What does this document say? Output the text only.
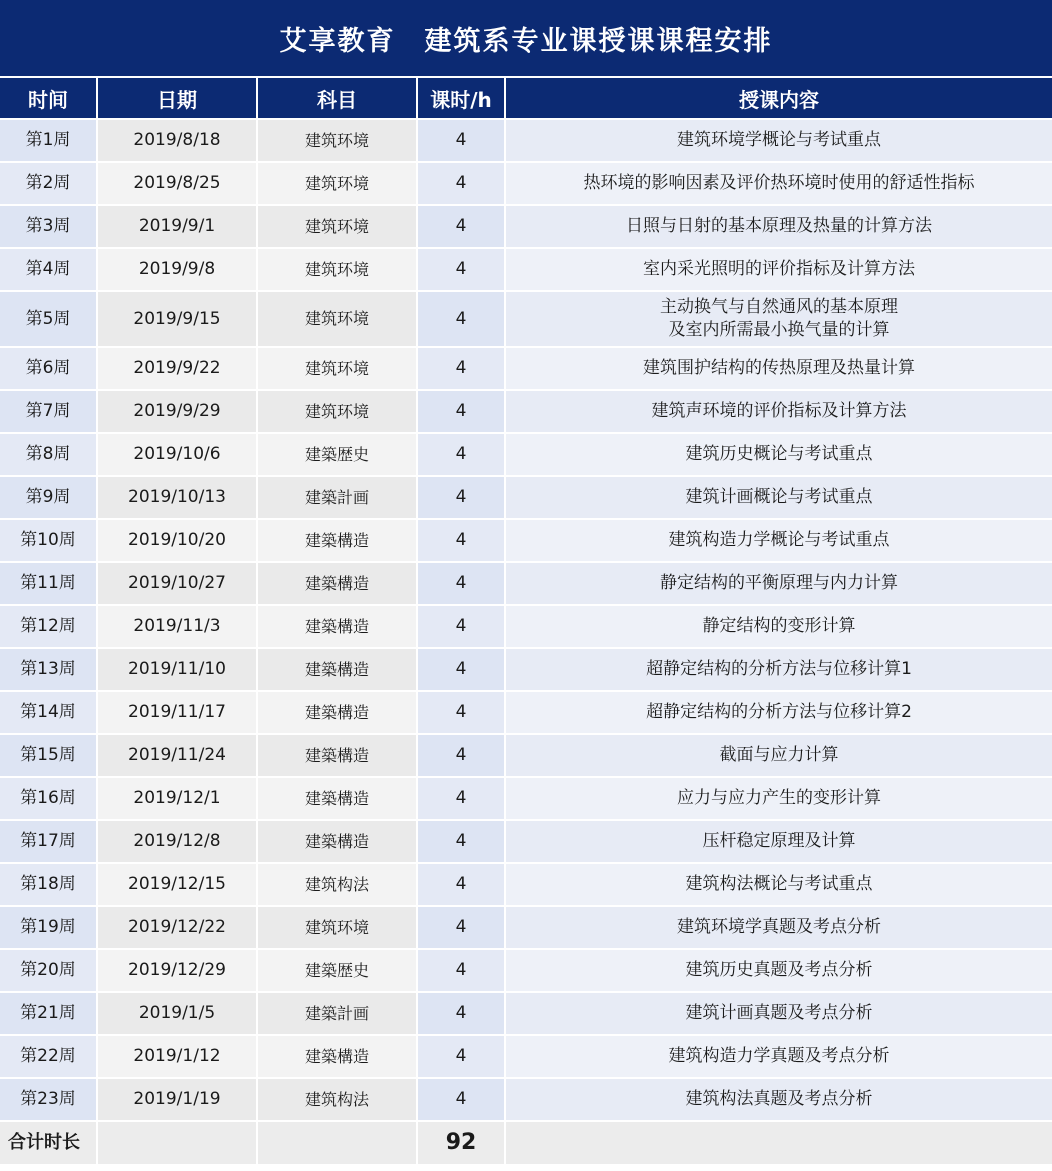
艾享教育　建筑系专业课授课课程安排
时间	日期	科目	课时/h	授课内容
第1周	2019/8/18	建筑环境	4	建筑环境学概论与考试重点
第2周	2019/8/25	建筑环境	4	热环境的影响因素及评价热环境时使用的舒适性指标
第3周	2019/9/1	建筑环境	4	日照与日射的基本原理及热量的计算方法
第4周	2019/9/8	建筑环境	4	室内采光照明的评价指标及计算方法
第5周	2019/9/15	建筑环境	4	主动换气与自然通风的基本原理
及室内所需最小换气量的计算
第6周	2019/9/22	建筑环境	4	建筑围护结构的传热原理及热量计算
第7周	2019/9/29	建筑环境	4	建筑声环境的评价指标及计算方法
第8周	2019/10/6	建築歴史	4	建筑历史概论与考试重点
第9周	2019/10/13	建築計画	4	建筑计画概论与考试重点
第10周	2019/10/20	建築構造	4	建筑构造力学概论与考试重点
第11周	2019/10/27	建築構造	4	静定结构的平衡原理与内力计算
第12周	2019/11/3	建築構造	4	静定结构的变形计算
第13周	2019/11/10	建築構造	4	超静定结构的分析方法与位移计算1
第14周	2019/11/17	建築構造	4	超静定结构的分析方法与位移计算2
第15周	2019/11/24	建築構造	4	截面与应力计算
第16周	2019/12/1	建築構造	4	应力与应力产生的变形计算
第17周	2019/12/8	建築構造	4	压杆稳定原理及计算
第18周	2019/12/15	建筑构法	4	建筑构法概论与考试重点
第19周	2019/12/22	建筑环境	4	建筑环境学真题及考点分析
第20周	2019/12/29	建築歴史	4	建筑历史真题及考点分析
第21周	2019/1/5	建築計画	4	建筑计画真题及考点分析
第22周	2019/1/12	建築構造	4	建筑构造力学真题及考点分析
第23周	2019/1/19	建筑构法	4	建筑构法真题及考点分析
合计时长			92	
